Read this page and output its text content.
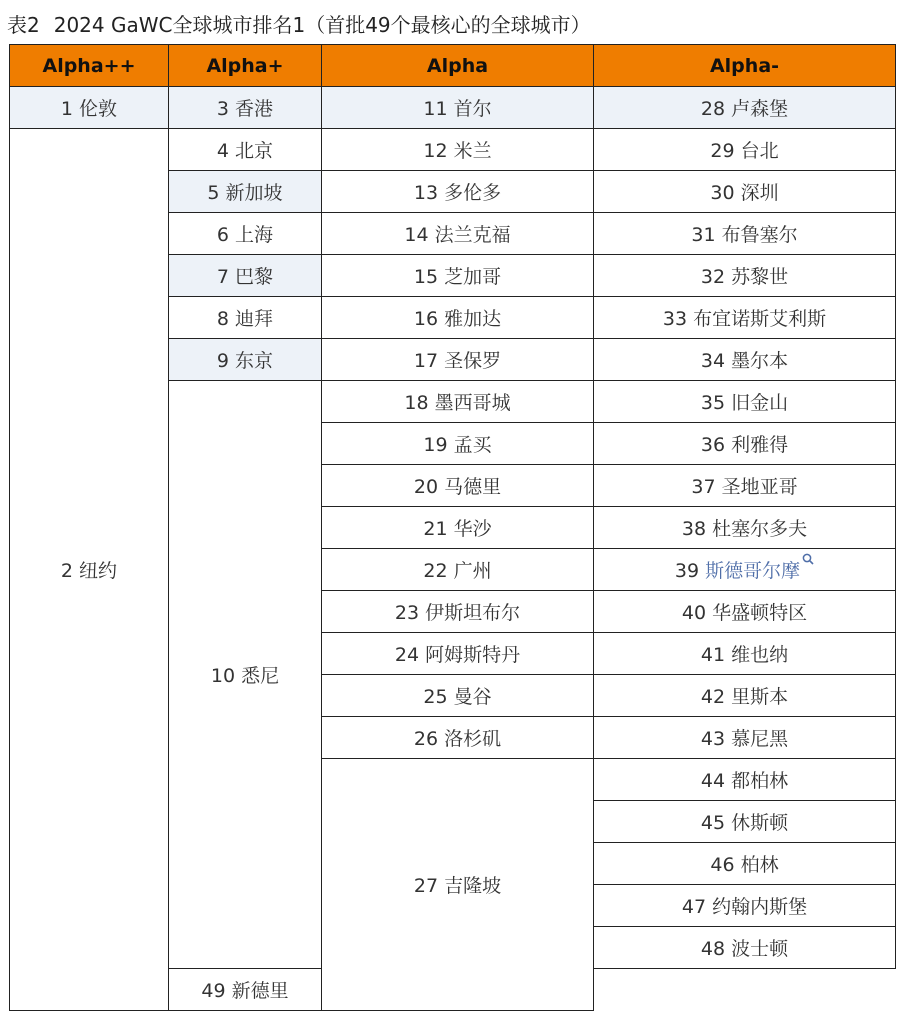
表2 2024 GaWC全球城市排名1（首批49个最核心的全球城市）
Alpha++	Alpha+	Alpha	Alpha-
1 伦敦	3 香港	11 首尔	28 卢森堡
2 纽约	4 北京	12 米兰	29 台北
	5 新加坡	13 多伦多	30 深圳
	6 上海	14 法兰克福	31 布鲁塞尔
	7 巴黎	15 芝加哥	32 苏黎世
	8 迪拜	16 雅加达	33 布宜诺斯艾利斯
	9 东京	17 圣保罗	34 墨尔本
	10 悉尼	18 墨西哥城	35 旧金山
		19 孟买	36 利雅得
		20 马德里	37 圣地亚哥
		21 华沙	38 杜塞尔多夫
		22 广州	39 斯德哥尔摩
		23 伊斯坦布尔	40 华盛顿特区
		24 阿姆斯特丹	41 维也纳
		25 曼谷	42 里斯本
		26 洛杉矶	43 慕尼黑
		27 吉隆坡	44 都柏林
			45 休斯顿
			46 柏林
			47 约翰内斯堡
			48 波士顿
	49 新德里		
